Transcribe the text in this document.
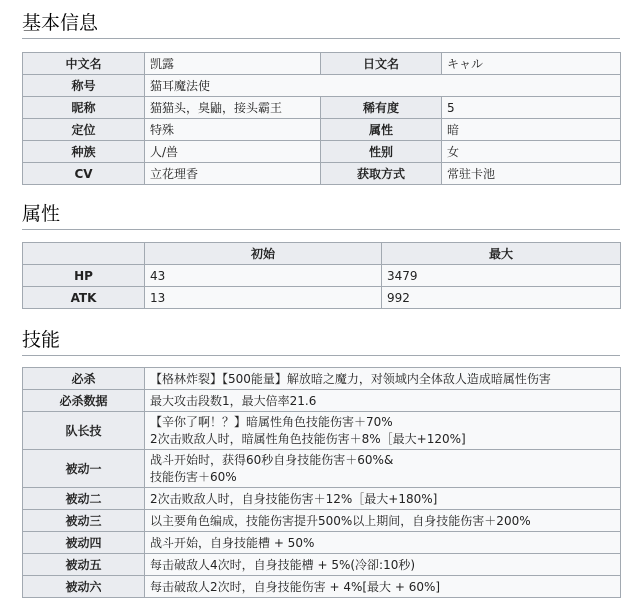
基本信息
中文名	凯露	日文名	キャル
称号	猫耳魔法使		
昵称	猫猫头，臭鼬，接头霸王	稀有度	5
定位	特殊	属性	暗
种族	人/兽	性别	女
CV	立花理香	获取方式	常驻卡池
属性
	初始	最大
HP	43	3479
ATK	13	992
技能
必杀	【格林炸裂】【500能量】解放暗之魔力，对领域内全体敌人造成暗属性伤害
必杀数据	最大攻击段数1，最大倍率21.6
队长技	【辛你了啊！？】暗属性角色技能伤害＋70%
2次击败敌人时，暗属性角色技能伤害＋8%［最大+120%]

被动一	战斗开始时，获得60秒自身技能伤害＋60%&
技能伤害＋60%

被动二	2次击败敌人时，自身技能伤害＋12%［最大+180%]
被动三	以主要角色编成，技能伤害提升500%以上期间，自身技能伤害＋200%
被动四	战斗开始，自身技能槽 + 50%
被动五	每击破敌人4次时，自身技能槽 + 5%(冷卻:10秒)
被动六	每击破敌人2次时，自身技能伤害 + 4%[最大 + 60%]
